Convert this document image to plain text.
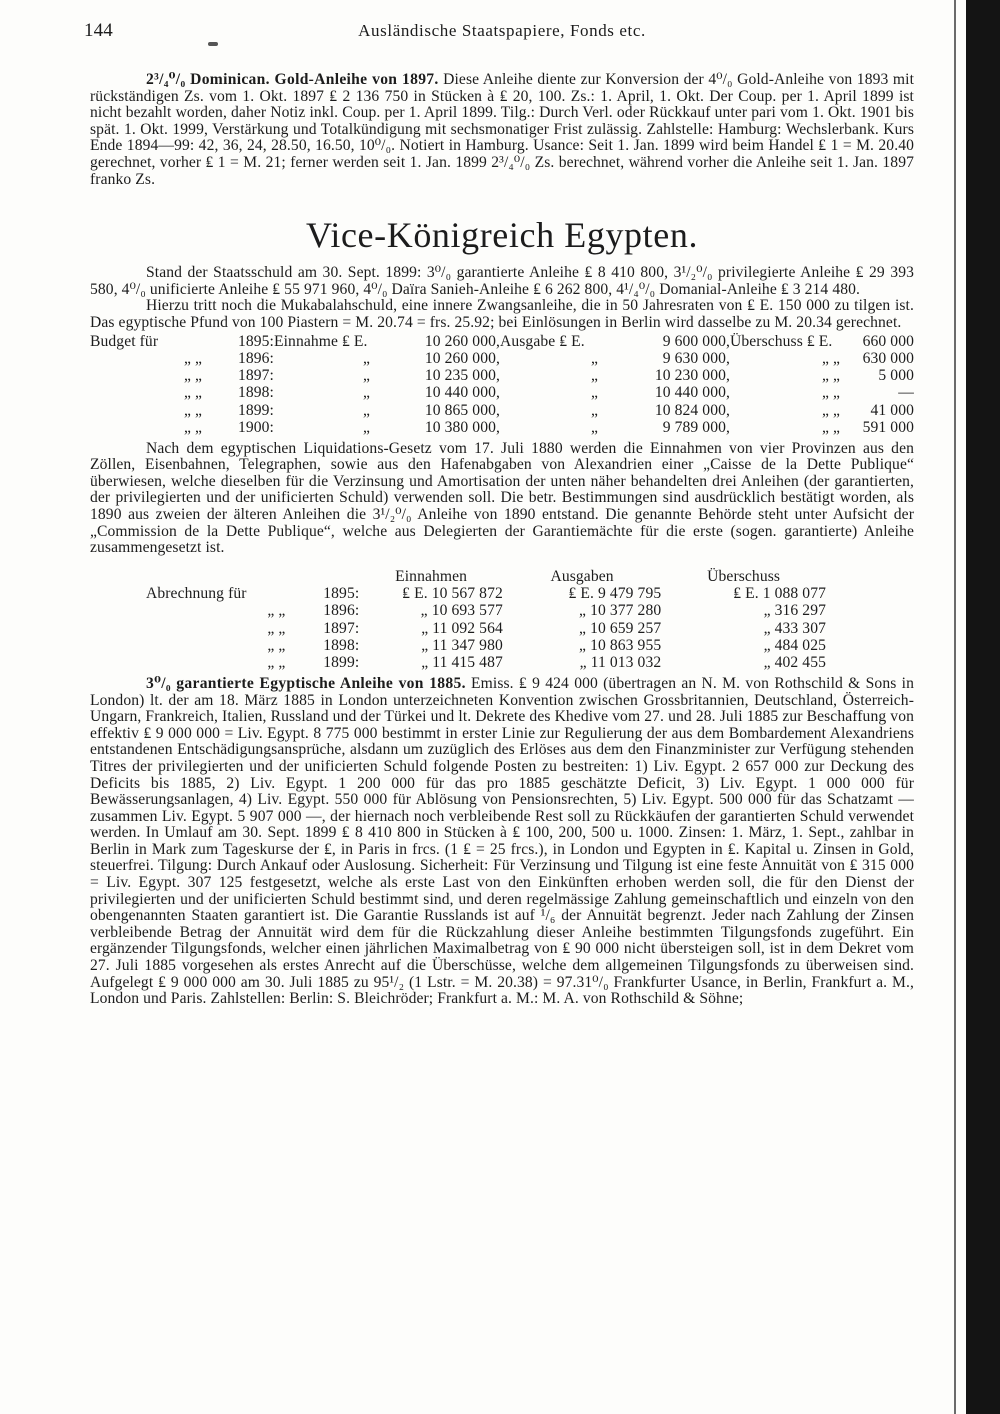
144	Ausländische Staatspapiere, Fonds etc.

2³/₄⁰/₀ Dominican. Gold-Anleihe von 1897. Diese Anleihe diente zur Konversion der 4⁰/₀ Gold-Anleihe von 1893 mit rückständigen Zs. vom 1. Okt. 1897 ₤ 2 136 750 in Stücken à ₤ 20, 100. Zs.: 1. April, 1. Okt. Der Coup. per 1. April 1899 ist nicht bezahlt worden, daher Notiz inkl. Coup. per 1. April 1899. Tilg.: Durch Verl. oder Rückkauf unter pari vom 1. Okt. 1901 bis spät. 1. Okt. 1999, Verstärkung und Totalkündigung mit sechsmonatiger Frist zulässig. Zahlstelle: Hamburg: Wechslerbank. Kurs Ende 1894—99: 42, 36, 24, 28.50, 16.50, 10⁰/₀. Notiert in Hamburg. Usance: Seit 1. Jan. 1899 wird beim Handel ₤ 1 = M. 20.40 gerechnet, vorher ₤ 1 = M. 21; ferner werden seit 1. Jan. 1899 2³/₄⁰/₀ Zs. berechnet, während vorher die Anleihe seit 1. Jan. 1897 franko Zs.

Vice-Königreich Egypten.

Stand der Staatsschuld am 30. Sept. 1899: 3⁰/₀ garantierte Anleihe ₤ 8 410 800, 3¹/₂⁰/₀ privilegierte Anleihe ₤ 29 393 580, 4⁰/₀ unificierte Anleihe ₤ 55 971 960, 4⁰/₀ Daïra Sanieh-Anleihe ₤ 6 262 800, 4¹/₄⁰/₀ Domanial-Anleihe ₤ 3 214 480.

Hierzu tritt noch die Mukabalahschuld, eine innere Zwangsanleihe, die in 50 Jahresraten von ₤ E. 150 000 zu tilgen ist. Das egyptische Pfund von 100 Piastern = M. 20.74 = frs. 25.92; bei Einlösungen in Berlin wird dasselbe zu M. 20.34 gerechnet.

Budget für	1895:	Einnahme ₤ E.	10 260 000,	Ausgabe ₤ E.	9 600 000,	Überschuss ₤ E.	660 000
„ „	1896:	„	10 260 000,	„	9 630 000,	„ „	630 000
„ „	1897:	„	10 235 000,	„	10 230 000,	„ „	5 000
„ „	1898:	„	10 440 000,	„	10 440 000,	„ „	—
„ „	1899:	„	10 865 000,	„	10 824 000,	„ „	41 000
„ „	1900:	„	10 380 000,	„	9 789 000,	„ „	591 000

Nach dem egyptischen Liquidations-Gesetz vom 17. Juli 1880 werden die Einnahmen von vier Provinzen aus den Zöllen, Eisenbahnen, Telegraphen, sowie aus den Hafenabgaben von Alexandrien einer „Caisse de la Dette Publique“ überwiesen, welche dieselben für die Verzinsung und Amortisation der unten näher behandelten drei Anleihen (der garantierten, der privilegierten und der unificierten Schuld) verwenden soll. Die betr. Bestimmungen sind ausdrücklich bestätigt worden, als 1890 aus zweien der älteren Anleihen die 3¹/₂⁰/₀ Anleihe von 1890 entstand. Die genannte Behörde steht unter Aufsicht der „Commission de la Dette Publique“, welche aus Delegierten der Garantiemächte für die erste (sogen. garantierte) Anleihe zusammengesetzt ist.

		Einnahmen	Ausgaben	Überschuss
Abrechnung für	1895:	₤ E. 10 567 872	₤ E. 9 479 795	₤ E. 1 088 077
„ „	1896:	„ 10 693 577	„ 10 377 280	„ 316 297
„ „	1897:	„ 11 092 564	„ 10 659 257	„ 433 307
„ „	1898:	„ 11 347 980	„ 10 863 955	„ 484 025
„ „	1899:	„ 11 415 487	„ 11 013 032	„ 402 455

3⁰/₀ garantierte Egyptische Anleihe von 1885. Emiss. ₤ 9 424 000 (übertragen an N. M. von Rothschild & Sons in London) lt. der am 18. März 1885 in London unterzeichneten Konvention zwischen Grossbritannien, Deutschland, Österreich-Ungarn, Frankreich, Italien, Russland und der Türkei und lt. Dekrete des Khedive vom 27. und 28. Juli 1885 zur Beschaffung von effektiv ₤ 9 000 000 = Liv. Egypt. 8 775 000 bestimmt in erster Linie zur Regulierung der aus dem Bombardement Alexandriens entstandenen Entschädigungsansprüche, alsdann um zuzüglich des Erlöses aus dem den Finanzminister zur Verfügung stehenden Titres der privilegierten und der unificierten Schuld folgende Posten zu bestreiten: 1) Liv. Egypt. 2 657 000 zur Deckung des Deficits bis 1885, 2) Liv. Egypt. 1 200 000 für das pro 1885 geschätzte Deficit, 3) Liv. Egypt. 1 000 000 für Bewässerungsanlagen, 4) Liv. Egypt. 550 000 für Ablösung von Pensionsrechten, 5) Liv. Egypt. 500 000 für das Schatzamt — zusammen Liv. Egypt. 5 907 000 —, der hiernach noch verbleibende Rest soll zu Rückkäufen der garantierten Schuld verwendet werden. In Umlauf am 30. Sept. 1899 ₤ 8 410 800 in Stücken à ₤ 100, 200, 500 u. 1000. Zinsen: 1. März, 1. Sept., zahlbar in Berlin in Mark zum Tageskurse der ₤, in Paris in frcs. (1 ₤ = 25 frcs.), in London und Egypten in ₤. Kapital u. Zinsen in Gold, steuerfrei. Tilgung: Durch Ankauf oder Auslosung. Sicherheit: Für Verzinsung und Tilgung ist eine feste Annuität von ₤ 315 000 = Liv. Egypt. 307 125 festgesetzt, welche als erste Last von den Einkünften erhoben werden soll, die für den Dienst der privilegierten und der unificierten Schuld bestimmt sind, und deren regelmässige Zahlung gemeinschaftlich und einzeln von den obengenannten Staaten garantiert ist. Die Garantie Russlands ist auf ¹/₆ der Annuität begrenzt. Jeder nach Zahlung der Zinsen verbleibende Betrag der Annuität wird dem für die Rückzahlung dieser Anleihe bestimmten Tilgungsfonds zugeführt. Ein ergänzender Tilgungsfonds, welcher einen jährlichen Maximalbetrag von ₤ 90 000 nicht übersteigen soll, ist in dem Dekret vom 27. Juli 1885 vorgesehen als erstes Anrecht auf die Überschüsse, welche dem allgemeinen Tilgungsfonds zu überweisen sind. Aufgelegt ₤ 9 000 000 am 30. Juli 1885 zu 95¹/₂ (1 Lstr. = M. 20.38) = 97.31⁰/₀ Frankfurter Usance, in Berlin, Frankfurt a. M., London und Paris. Zahlstellen: Berlin: S. Bleichröder; Frankfurt a. M.: M. A. von Rothschild & Söhne;
